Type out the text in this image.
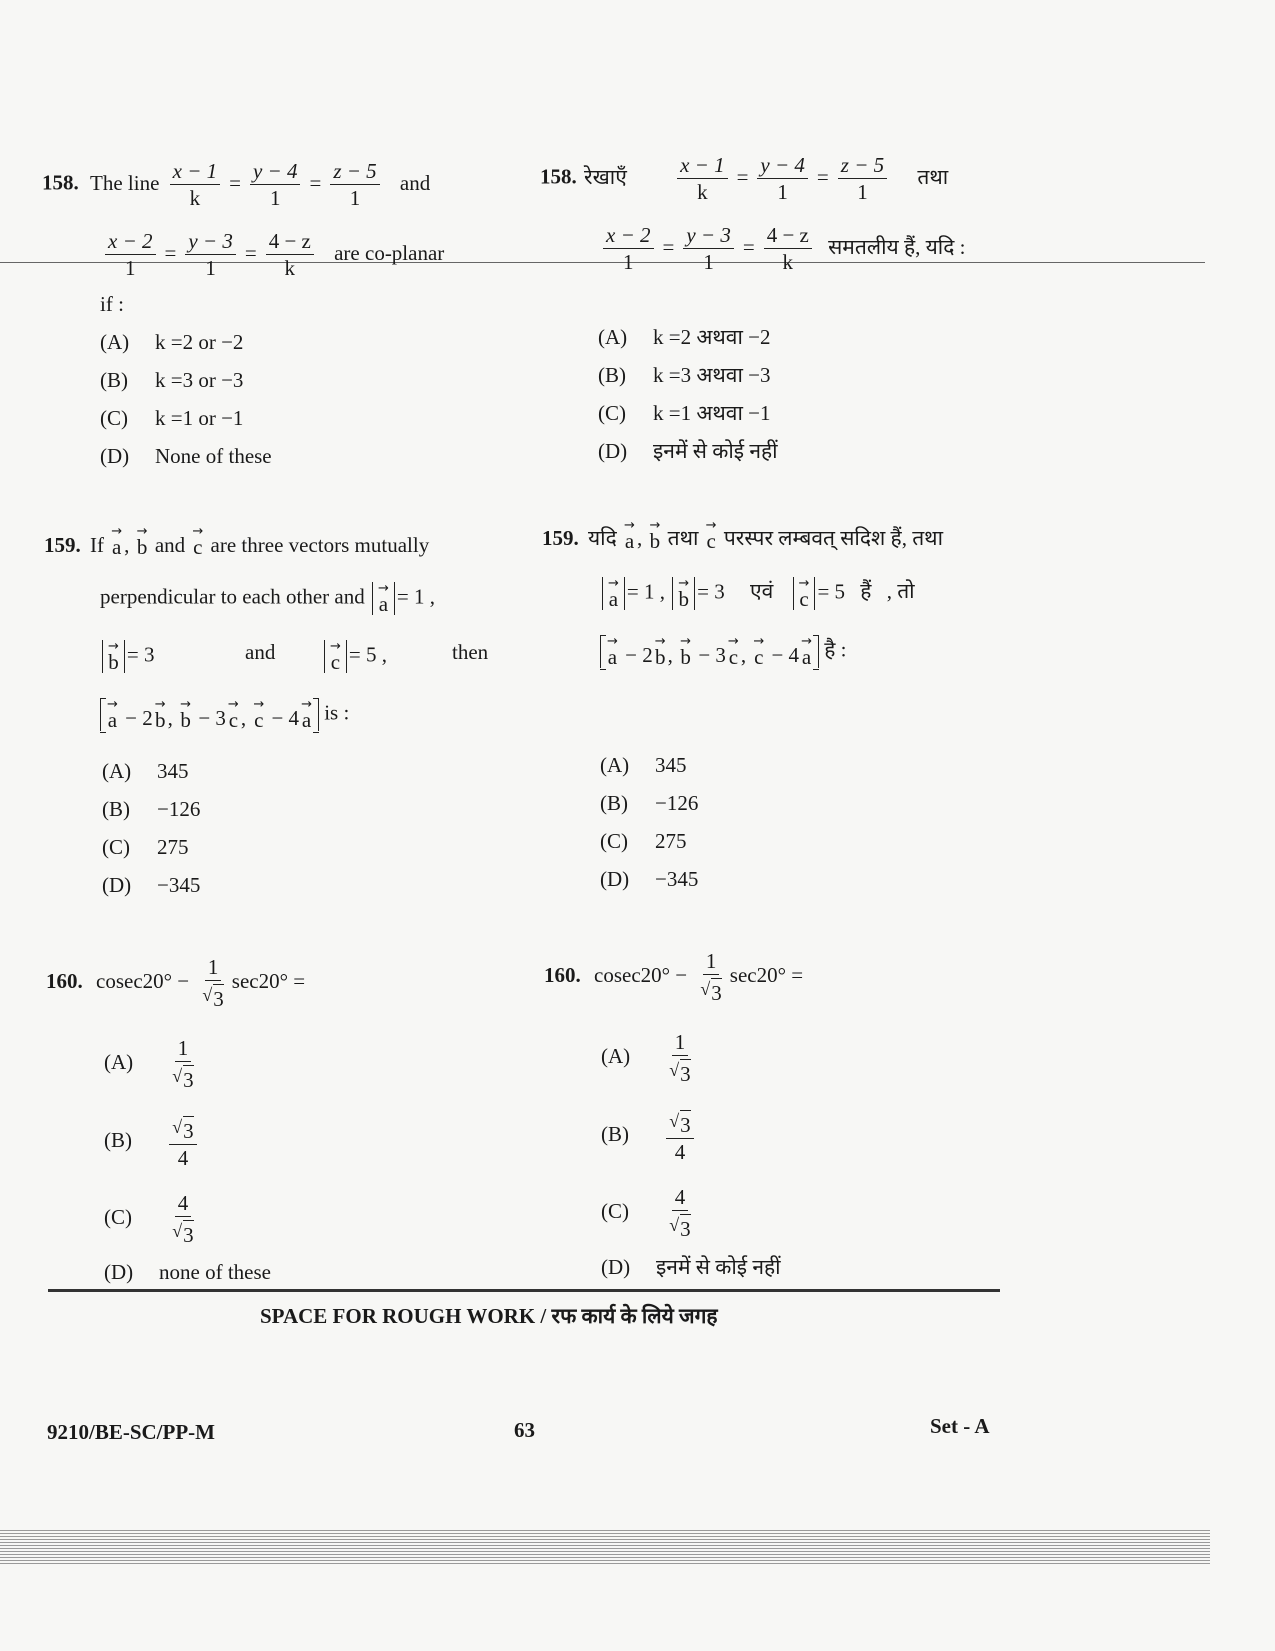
158. The line $\frac{x - 1}{k} = \frac{y - 4}{1} = \frac{z - 5}{1}$ and
$\frac{x - 2}{1} = \frac{y - 3}{1} = \frac{4 - z}{k}$ are co-planar
if :
(A) k =2 or −2
(B) k =3 or −3
(C) k =1 or −1
(D) None of these
158. रेखाएँ $\frac{x - 1}{k} = \frac{y - 4}{1} = \frac{z - 5}{1}$ तथा
$\frac{x - 2}{1} = \frac{y - 3}{1} = \frac{4 - z}{k}$ समतलीय हैं, यदि :
(A) k =2 अथवा −2
(B) k =3 अथवा −3
(C) k =1 अथवा −1
(D) इनमें से कोई नहीं
159. If
→
a ,
→
b and
→
c are three vectors mutually
perpendicular to each other and →
a = 1 ,
→
b = 3	and	→
c = 5 ,	then
→
a − 2
→
b ,
→
b − 3
→
c ,
→
c − 4
→
a is :
(A) 345
(B) −126
(C) 275
(D) −345
159. यदि
→
a ,
→
b तथा
→
c परस्पर लम्बवत् सदिश हैं, तथा
→
a = 1 , →
b = 3 एवं →
c = 5 हैं , तो
→
a − 2
→
b ,
→
b − 3
→
c ,
→
c − 4
→
a है :
(A) 345
(B) −126
(C) 275
(D) −345
160. $cosec20^\circ - \frac{1}{√ 3} \sec 20^\circ$ =
$(A) \frac{1}{√ 3}$
$(B) \frac{√ 3}{4}$
$(C) \frac{4}{√ 3}$
(D) none of these
160. $cosec20^\circ - \frac{1}{√ 3} \sec 20^\circ$ =
$(A) \frac{1}{√ 3}$
$(B) \frac{√ 3}{4}$
$(C) \frac{4}{√ 3}$
(D) इनमें से कोई नहीं
SPACE FOR ROUGH WORK / रफ कार्य के लिये जगह
9210/BE-SC/PP-M	63	Set - A
